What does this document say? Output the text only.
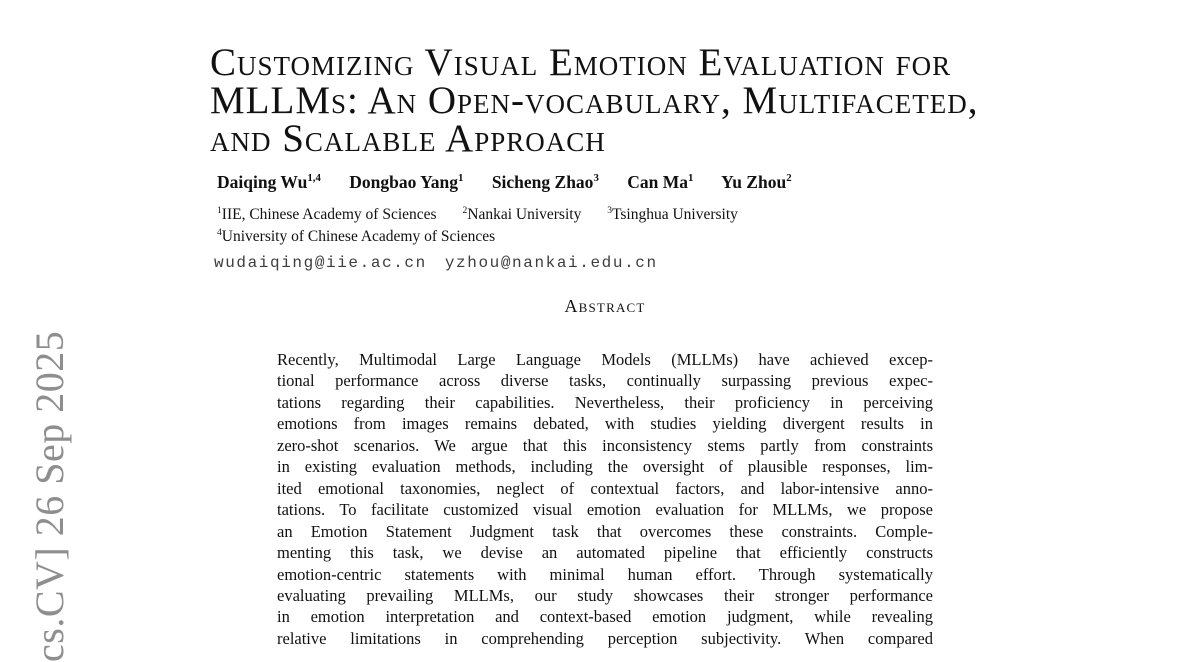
cs.CV] 26 Sep 2025
Customizing Visual Emotion Evaluation for
MLLMs: An Open-vocabulary, Multifaceted,
and Scalable Approach
Daiqing Wu$^{1,4}$ Dongbao Yang$^1$ Sicheng Zhao$^3$ Can Ma$^1$ Yu Zhou$^2$
$^1$IIE, Chinese Academy of Sciences	$^2$Nankai University	$^3$Tsinghua University
$^4$University of Chinese Academy of Sciences
wudaiqing@iie.ac.cn yzhou@nankai.edu.cn
Abstract
Recently, Multimodal Large Language Models (MLLMs) have achieved excep-
tional performance across diverse tasks, continually surpassing previous expec-
tations regarding their capabilities. Nevertheless, their proficiency in perceiving
emotions from images remains debated, with studies yielding divergent results in
zero-shot scenarios. We argue that this inconsistency stems partly from constraints
in existing evaluation methods, including the oversight of plausible responses, lim-
ited emotional taxonomies, neglect of contextual factors, and labor-intensive anno-
tations. To facilitate customized visual emotion evaluation for MLLMs, we propose
an Emotion Statement Judgment task that overcomes these constraints. Comple-
menting this task, we devise an automated pipeline that efficiently constructs
emotion-centric statements with minimal human effort. Through systematically
evaluating prevailing MLLMs, our study showcases their stronger performance
in emotion interpretation and context-based emotion judgment, while revealing
relative limitations in comprehending perception subjectivity. When compared
